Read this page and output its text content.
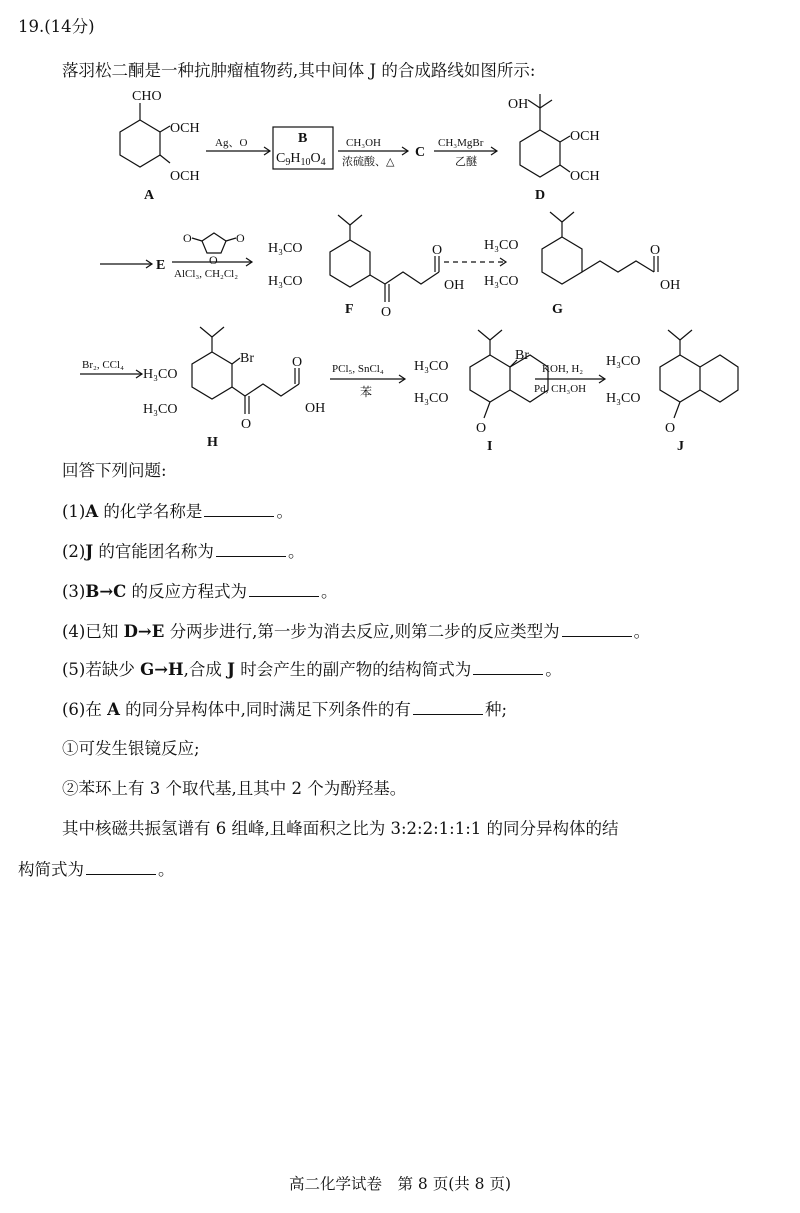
19.(14分)
落羽松二酮是一种抗肿瘤植物药,其中间体 J 的合成路线如图所示:
CHO
OCH
OCH
A
Ag、O	B
$C_9H_{10}O_4$
CH₃OH
浓硫酸、△
C
CH₃MgBr
乙醚
OH
OCH
OCH
D
E
O	O
O
AlCl₃, CH₂Cl₂
H₃CO
H₃CO
O
O
OH
F
H₃CO
H₃CO
O
OH
G
Br₂, CCl₄
H₃CO
H₃CO
Br
O
O
OH
H
PCl₅, SnCl₄
苯
H₃CO
H₃CO
Br
O
I
KOH, H₂
Pd, CH₃OH
H₃CO
H₃CO
O
J
回答下列问题:
(1)A 的化学名称是	。
(2)J 的官能团名称为	。
(3)B→C 的反应方程式为	。
(4)已知 D→E 分两步进行,第一步为消去反应,则第二步的反应类型为	。
(5)若缺少 G→H,合成 J 时会产生的副产物的结构简式为	。
(6)在 A 的同分异构体中,同时满足下列条件的有	种;
①可发生银镜反应;
②苯环上有 3 个取代基,且其中 2 个为酚羟基。
其中核磁共振氢谱有 6 组峰,且峰面积之比为 3:2:2:1:1:1 的同分异构体的结
构简式为	。
高二化学试卷　第 8 页(共 8 页)
